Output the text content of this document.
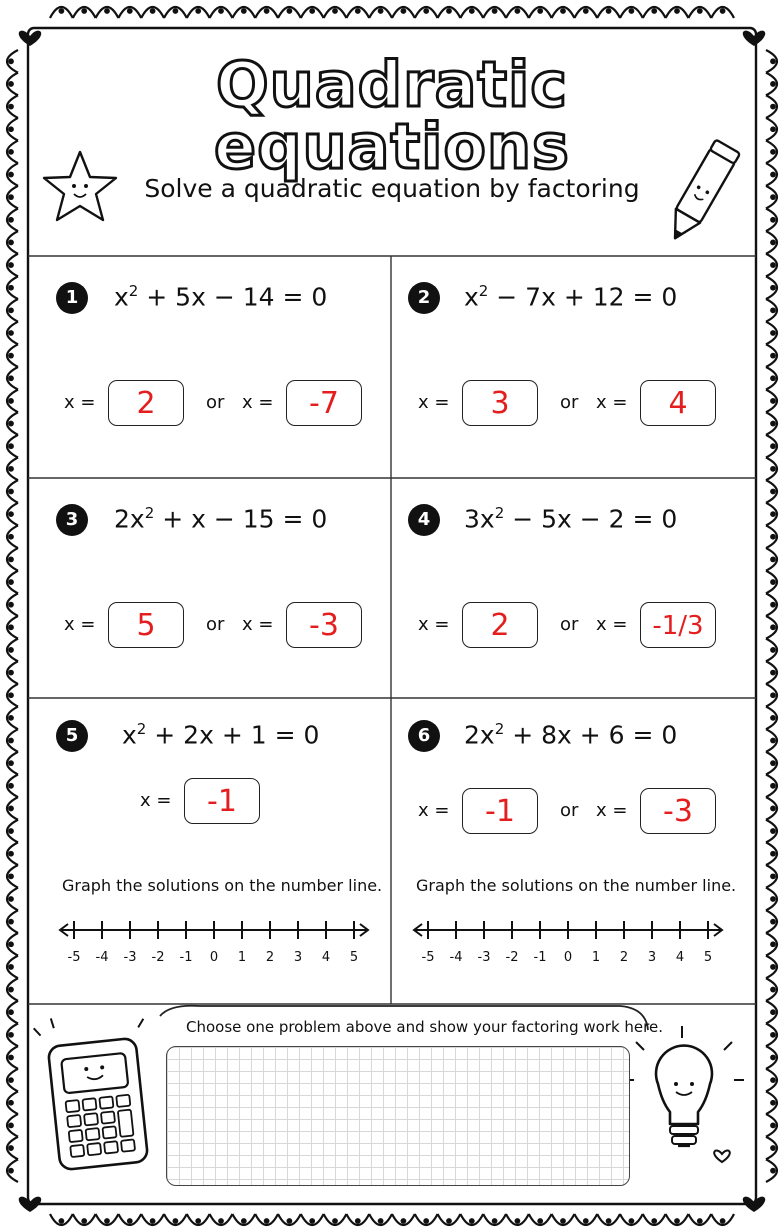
Quadratic equations
Solve a quadratic equation by factoring
1	$x^2 + 5x - 14 = 0$
x =	2	or x =	-7
2	$x^2 - 7x + 12 = 0$
x =	3	or x =	4
3	$2x^2 + x - 15 = 0$
x =	5	or x =	-3
4	$3x^2 - 5x - 2 = 0$
x =	2	or x = -1/3
5	$x^2 + 2x + 1 = 0$
x =	-1
Graph the solutions on the number line.
6	$2x^2 + 8x + 6 = 0$
x =	-1	or x =	-3
Graph the solutions on the number line.
-5	-4	-3	-2	-1	0	1	2	3	4	5	-5	-4	-3	-2	-1	0	1	2	3	4	5
Choose one problem above and show your factoring work here.
